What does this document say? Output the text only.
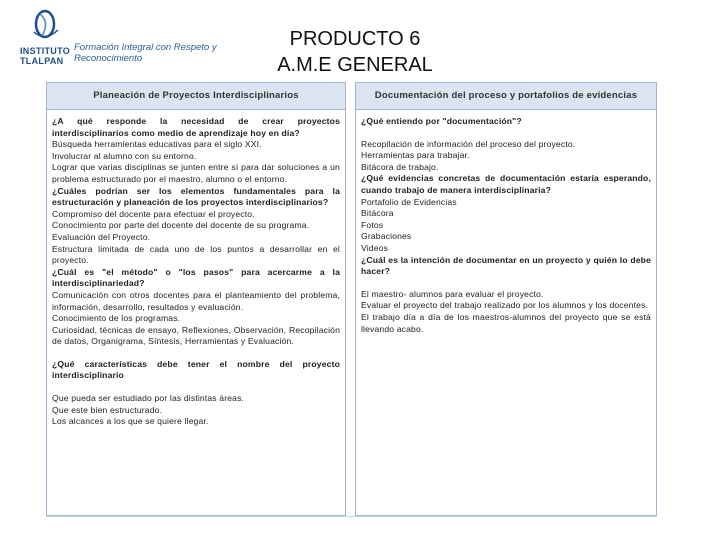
INSTITUTO TLALPAN
Formación Integral con Respeto y Reconocimiento
PRODUCTO 6
A.M.E GENERAL
Planeación de Proyectos Interdisciplinarios

¿A qué responde la necesidad de crear proyectos interdisciplinarios como medio de aprendizaje hoy en día?

Búsqueda herramientas educativas para el siglo XXI.

Involucrar al alumno con su entorno.

Lograr que varias disciplinas se junten entre sí para dar soluciones a un problema estructurado por el maestro, alumno o el entorno.

¿Cuáles podrían ser los elementos fundamentales para la estructuración y planeación de los proyectos interdisciplinarios?

Compromiso del docente para efectuar el proyecto.

Conocimiento por parte del docente del docente de su programa.

Evaluación del Proyecto.

Estructura limitada de cada uno de los puntos a desarrollar en el proyecto.

¿Cuál es "el método" o "los pasos" para acercarme a la interdisciplinariedad?

Comunicación con otros docentes para el planteamiento del problema, información, desarrollo, resultados y evaluación.

Conocimiento de los programas.

Curiosidad, técnicas de ensayo, Reflexiones, Observación, Recopilación de datos, Organigrama, Síntesis, Herramientas y Evaluación.

¿Qué características debe tener el nombre del proyecto interdisciplinario

Que pueda ser estudiado por las distintas áreas.

Que este bien estructurado.

Los alcances a los que se quiere llegar.

Documentación del proceso y portafolios de evidencias

¿Qué entiendo por "documentación"?

Recopilación de información del proceso del proyecto.

Herramientas para trabajar.

Bitácora de trabajo.

¿Qué evidencias concretas de documentación estaría esperando, cuando trabajo de manera interdisciplinaria?

Portafolio de Evidencias

Bitácora

Fotos

Grabaciones

Videos

¿Cuál es la intención de documentar en un proyecto y quién lo debe hacer?

El maestro- alumnos para evaluar el proyecto.

Evaluar el proyecto del trabajo realizado por los alumnos y los docentes.

El trabajo día a día de los maestros-alumnos del proyecto que se está llevando acabo.
